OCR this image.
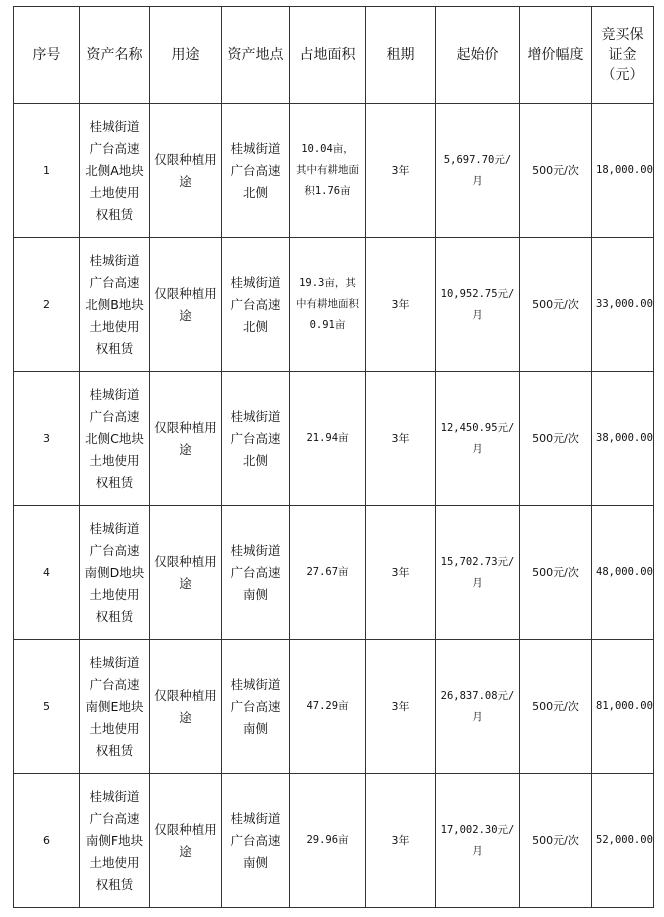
序号	资产名称	用途	资产地点	占地面积	租期	起始价	增价幅度	竞买保证金（元）
1	桂城街道广台高速北侧A地块土地使用权租赁	仅限种植用途	桂城街道广台高速北侧	10.04亩，其中有耕地面积1.76亩	3年	5,697.70元/月	500元/次	18,000.00
2	桂城街道广台高速北侧B地块土地使用权租赁	仅限种植用途	桂城街道广台高速北侧	19.3亩，其中有耕地面积0.91亩	3年	10,952.75元/月	500元/次	33,000.00
3	桂城街道广台高速北侧C地块土地使用权租赁	仅限种植用途	桂城街道广台高速北侧	21.94亩	3年	12,450.95元/月	500元/次	38,000.00
4	桂城街道广台高速南侧D地块土地使用权租赁	仅限种植用途	桂城街道广台高速南侧	27.67亩	3年	15,702.73元/月	500元/次	48,000.00
5	桂城街道广台高速南侧E地块土地使用权租赁	仅限种植用途	桂城街道广台高速南侧	47.29亩	3年	26,837.08元/月	500元/次	81,000.00
6	桂城街道广台高速南侧F地块土地使用权租赁	仅限种植用途	桂城街道广台高速南侧	29.96亩	3年	17,002.30元/月	500元/次	52,000.00
